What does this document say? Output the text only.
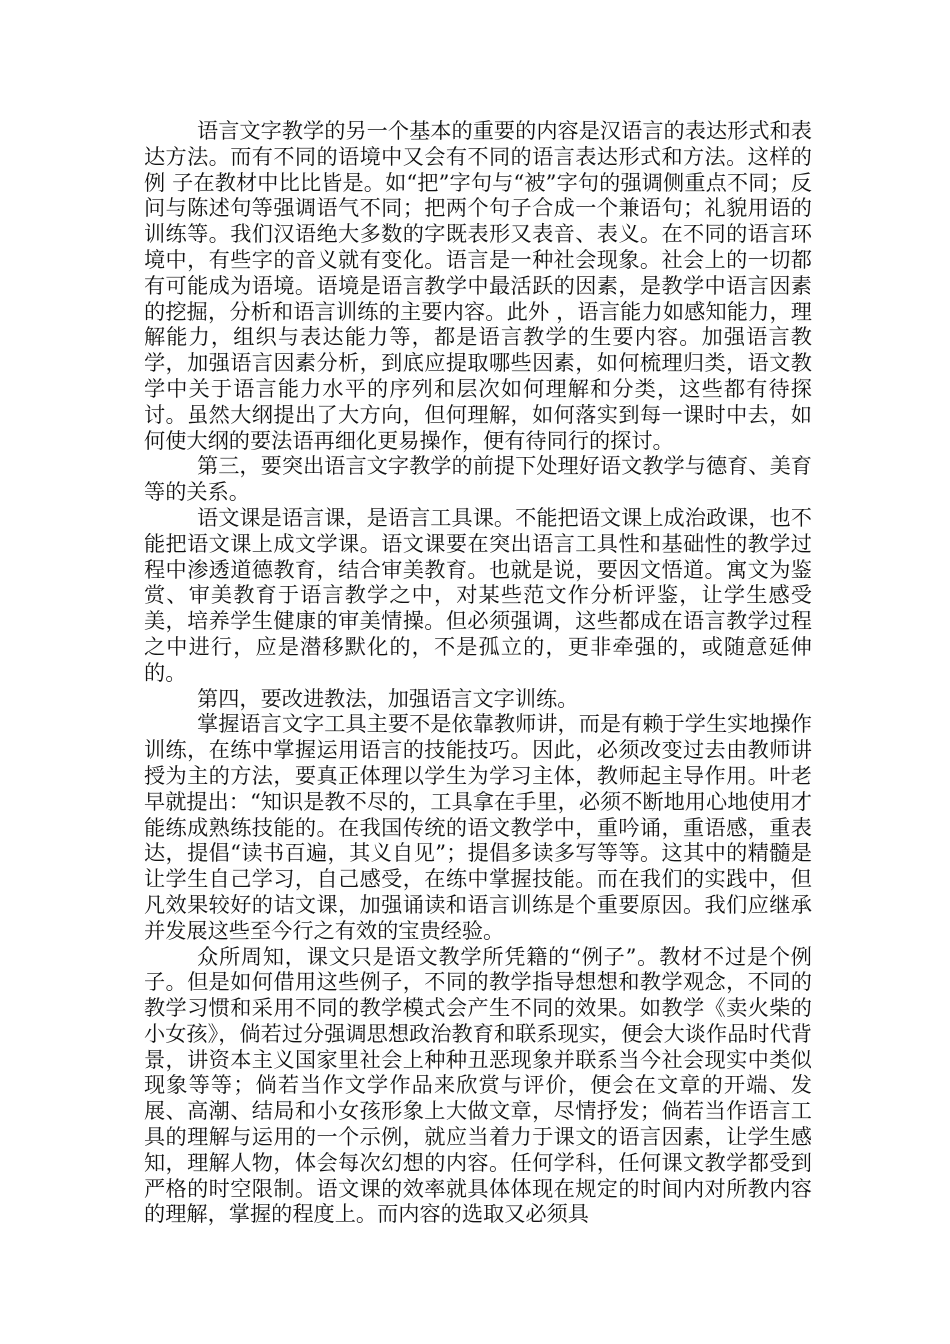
语言文字教学的另一个基本的重要的内容是汉语言的表达形式和表达方法。而有不同的语境中又会有不同的语言表达形式和方法。这样的例 子在教材中比比皆是。如“把”字句与“被”字句的强调侧重点不同；反问与陈述句等强调语气不同；把两个句子合成一个兼语句；礼貌用语的训练等。我们汉语绝大多数的字既表形又表音、表义。在不同的语言环境中，有些字的音义就有变化。语言是一种社会现象。社会上的一切都有可能成为语境。语境是语言教学中最活跃的因素，是教学中语言因素的挖掘，分析和语言训练的主要内容。此外 ，语言能力如感知能力，理解能力，组织与表达能力等，都是语言教学的生要内容。加强语言教学，加强语言因素分析，到底应提取哪些因素，如何梳理归类，语文教学中关于语言能力水平的序列和层次如何理解和分类，这些都有待探讨。虽然大纲提出了大方向，但何理解，如何落实到每一课时中去，如何使大纲的要法语再细化更易操作，便有待同行的探讨。

第三，要突出语言文字教学的前提下处理好语文教学与德育、美育等的关系。

语文课是语言课，是语言工具课。不能把语文课上成治政课，也不能把语文课上成文学课。语文课要在突出语言工具性和基础性的教学过程中渗透道德教育，结合审美教育。也就是说，要因文悟道。寓文为鉴赏、审美教育于语言教学之中，对某些范文作分析评鉴，让学生感受美，培养学生健康的审美情操。但必须强调，这些都成在语言教学过程之中进行，应是潜移默化的，不是孤立的，更非牵强的，或随意延伸的。

第四，要改进教法，加强语言文字训练。

掌握语言文字工具主要不是依靠教师讲，而是有赖于学生实地操作训练，在练中掌握运用语言的技能技巧。因此，必须改变过去由教师讲授为主的方法，要真正体理以学生为学习主体，教师起主导作用。叶老早就提出：“知识是教不尽的，工具拿在手里，必须不断地用心地使用才能练成熟练技能的。在我国传统的语文教学中，重吟诵，重语感，重表达，提倡“读书百遍，其义自见”；提倡多读多写等等。这其中的精髓是让学生自己学习，自己感受，在练中掌握技能。而在我们的实践中，但凡效果较好的诘文课，加强诵读和语言训练是个重要原因。我们应继承并发展这些至今行之有效的宝贵经验。

众所周知，课文只是语文教学所凭籍的“例子”。教材不过是个例子。但是如何借用这些例子，不同的教学指导想想和教学观念，不同的教学习惯和采用不同的教学模式会产生不同的效果。如教学《卖火柴的小女孩》，倘若过分强调思想政治教育和联系现实，便会大谈作品时代背景，讲资本主义国家里社会上种种丑恶现象并联系当今社会现实中类似现象等等；倘若当作文学作品来欣赏与评价，便会在文章的开端、发展、高潮、结局和小女孩形象上大做文章，尽情抒发；倘若当作语言工具的理解与运用的一个示例，就应当着力于课文的语言因素，让学生感知，理解人物，体会每次幻想的内容。任何学科，任何课文教学都受到严格的时空限制。语文课的效率就具体体现在规定的时间内对所教内容的理解，掌握的程度上。而内容的选取又必须具
